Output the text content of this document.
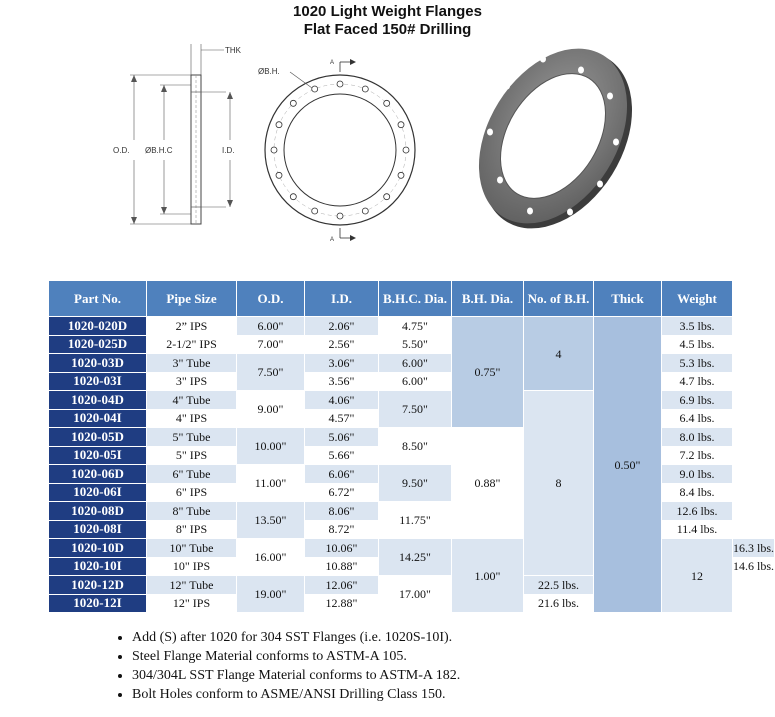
1020 Light Weight Flanges
Flat Faced 150# Drilling
THK
O.D. ØB.H.C	I.D.
A
A
ØB.H.
Part No.	Pipe Size	O.D.	I.D.	B.H.C. Dia.	B.H. Dia.	No. of B.H.	Thick	Weight	
1020-020D	2” IPS	6.00"	2.06"	4.75"	0.75"	4	0.50"	3.5 lbs.	
1020-025D	2-1/2" IPS	7.00"	2.56"	5.50"				4.5 lbs.	
1020-03D	3" Tube	7.50"	3.06"	6.00"				5.3 lbs.	
1020-03I	3" IPS		3.56"	6.00"				4.7 lbs.	
1020-04D	4" Tube	9.00"	4.06"	7.50"		8		6.9 lbs.	
1020-04I	4" IPS		4.57"					6.4 lbs.	
1020-05D	5" Tube	10.00"	5.06"	8.50"	0.88"			8.0 lbs.	
1020-05I	5" IPS		5.66"					7.2 lbs.	
1020-06D	6" Tube	11.00"	6.06"	9.50"				9.0 lbs.	
1020-06I	6" IPS		6.72"					8.4 lbs.	
1020-08D	8" Tube	13.50"	8.06"	11.75"				12.6 lbs.	
1020-08I	8" IPS		8.72"					11.4 lbs.	
1020-10D	10" Tube	16.00"	10.06"	14.25"	1.00"			12	16.3 lbs.
1020-10I	10" IPS		10.88"						14.6 lbs.
1020-12D	12" Tube	19.00"	12.06"	17.00"		22.5 lbs.			
1020-12I	12" IPS		12.88"			21.6 lbs.			
• Add (S) after 1020 for 304 SST Flanges (i.e. 1020S-10I).
• Steel Flange Material conforms to ASTM-A 105.
• 304/304L SST Flange Material conforms to ASTM-A 182.
• Bolt Holes conform to ASME/ANSI Drilling Class 150.
